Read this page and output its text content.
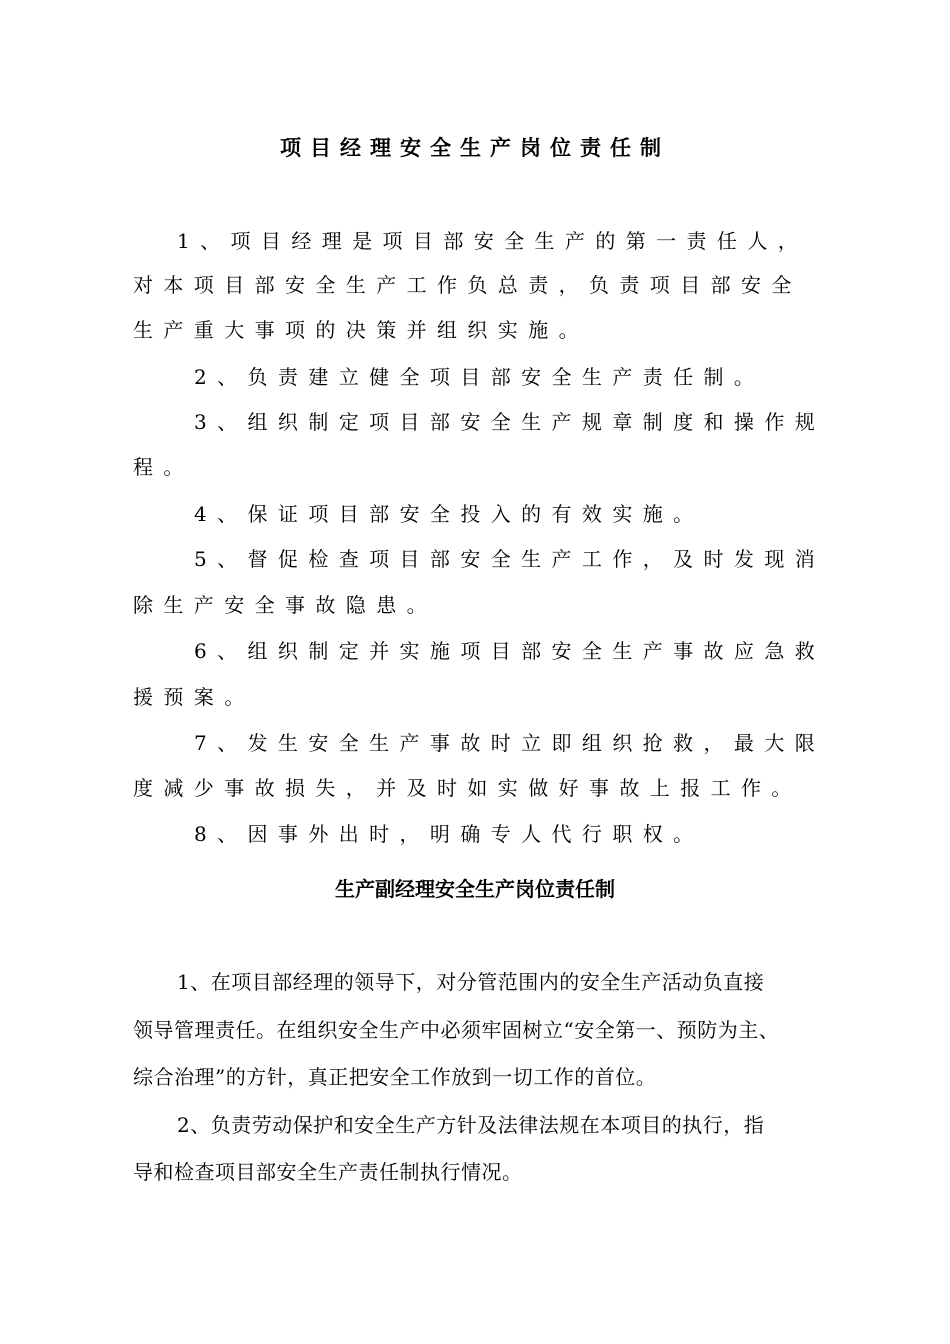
项目经理安全生产岗位责任制
1、项目经理是项目部安全生产的第一责任人，
对本项目部安全生产工作负总责，负责项目部安全
生产重大事项的决策并组织实施。
2、负责建立健全项目部安全生产责任制。
3、组织制定项目部安全生产规章制度和操作规
程。
4、保证项目部安全投入的有效实施。
5、督促检查项目部安全生产工作，及时发现消
除生产安全事故隐患。
6、组织制定并实施项目部安全生产事故应急救
援预案。
7、发生安全生产事故时立即组织抢救，最大限
度减少事故损失，并及时如实做好事故上报工作。
8、因事外出时，明确专人代行职权。
生产副经理安全生产岗位责任制
1、在项目部经理的领导下，对分管范围内的安全生产活动负直接
领导管理责任。在组织安全生产中必须牢固树立“安全第一、预防为主、
综合治理”的方针，真正把安全工作放到一切工作的首位。
2、负责劳动保护和安全生产方针及法律法规在本项目的执行，指
导和检查项目部安全生产责任制执行情况。
